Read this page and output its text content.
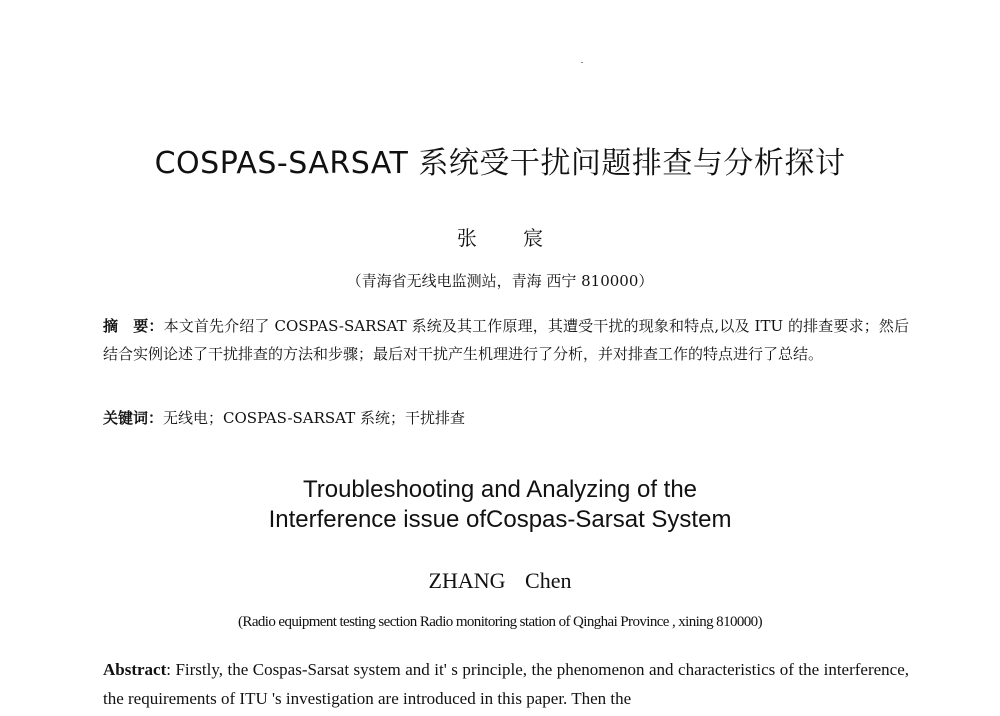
COSPAS-SARSAT 系统受干扰问题排查与分析探讨
张 宸
（青海省无线电监测站，青海 西宁 810000）
摘　要：本文首先介绍了 COSPAS-SARSAT 系统及其工作原理，其遭受干扰的现象和特点,以及 ITU 的排查要求；然后结合实例论述了干扰排查的方法和步骤；最后对干扰产生机理进行了分析，并对排查工作的特点进行了总结。
关键词：无线电；COSPAS-SARSAT 系统；干扰排查
Troubleshooting and Analyzing of the
Interference issue ofCospas-Sarsat System
ZHANG Chen
(Radio equipment testing section Radio monitoring station of Qinghai Province , xining 810000)
Abstract: Firstly, the Cospas-Sarsat system and it' s principle, the phenomenon and characteristics of the interference, the requirements of ITU 's investigation are introduced in this paper. Then the
